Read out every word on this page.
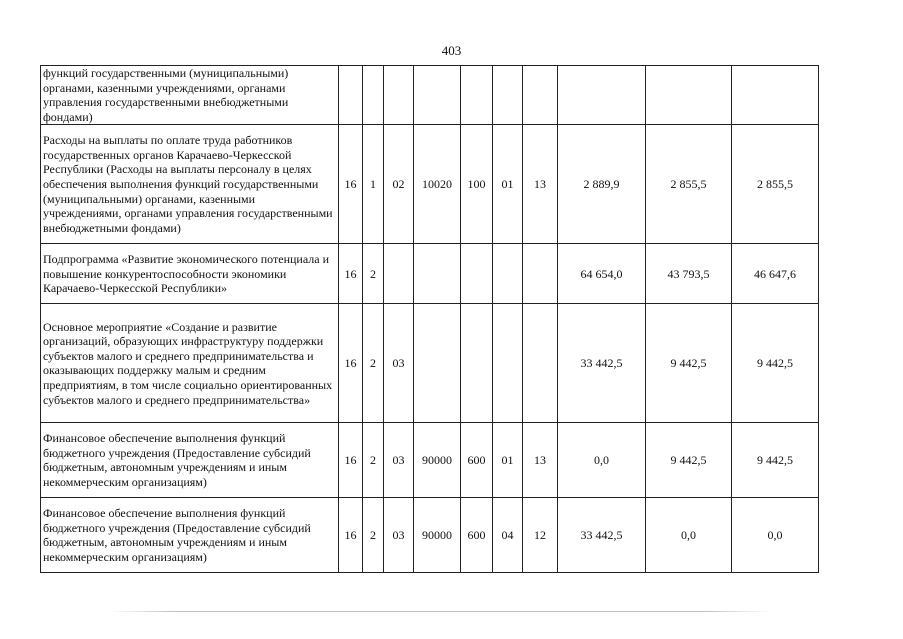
403
функций государственными (муниципальными) органами, казенными учреждениями, органами управления государственными внебюджетными фондами)										
Расходы на выплаты по оплате труда работников государственных органов Карачаево-Черкесской Республики (Расходы на выплаты персоналу в целях обеспечения выполнения функций государственными (муниципальными) органами, казенными учреждениями, органами управления государственными внебюджетными фондами)	16	1	02	10020	100	01	13	2 889,9	2 855,5	2 855,5
Подпрограмма «Развитие экономического потенциала и повышение конкурентоспособности экономики Карачаево-Черкесской Республики»	16	2						64 654,0	43 793,5	46 647,6
Основное мероприятие «Создание и развитие организаций, образующих инфраструктуру поддержки субъектов малого и среднего предпринимательства и оказывающих поддержку малым и средним предприятиям, в том числе социально ориентированных субъектов малого и среднего предпринимательства»	16	2	03					33 442,5	9 442,5	9 442,5
Финансовое обеспечение выполнения функций бюджетного учреждения (Предоставление субсидий бюджетным, автономным учреждениям и иным некоммерческим организациям)	16	2	03	90000	600	01	13	0,0	9 442,5	9 442,5
Финансовое обеспечение выполнения функций бюджетного учреждения (Предоставление субсидий бюджетным, автономным учреждениям и иным некоммерческим организациям)	16	2	03	90000	600	04	12	33 442,5	0,0	0,0
